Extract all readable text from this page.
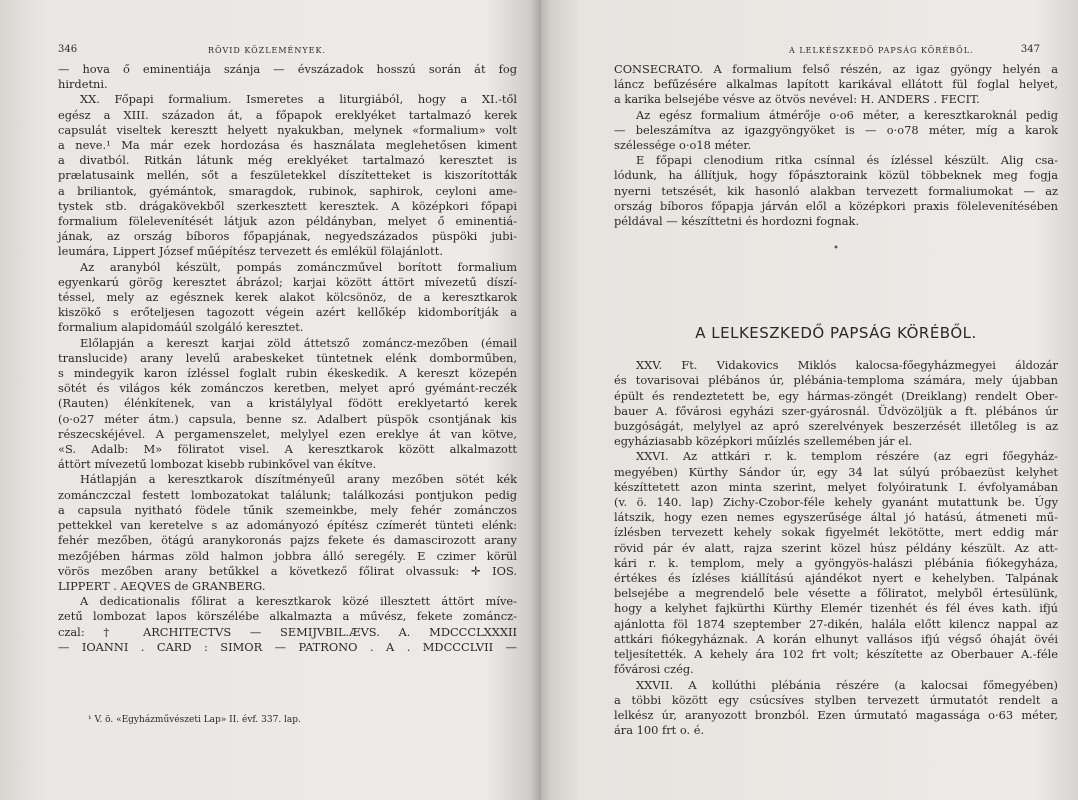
346	RÖVID KÖZLEMÉNYEK.
— hova ő eminentiája szánja — évszázadok hosszú során át fog
hirdetni.
XX. Főpapi formalium. Ismeretes a liturgiából, hogy a XI.-től
egész a XIII. századon át, a főpapok ereklyéket tartalmazó kerek
capsulát viseltek keresztt helyett nyakukban, melynek «formalium» volt
a neve.¹ Ma már ezek hordozása és használata meglehetősen kiment
a divatból. Ritkán látunk még ereklyéket tartalmazó keresztet is
prælatusaink mellén, sőt a feszületekkel díszítetteket is kiszorították
a briliantok, gyémántok, smaragdok, rubinok, saphirok, ceyloni ame-
tystek stb. drágakövekből szerkesztett keresztek. A középkori főpapi
formalium fölelevenítését látjuk azon példányban, melyet ő eminentiá-
jának, az ország bíboros főpapjának, negyedszázados püspöki jubi-
leumára, Lippert József műépítész tervezett és emlékül fölajánlott.
Az aranyból készült, pompás zománczművel borított formalium
egyenkarú görög keresztet ábrázol; karjai között áttört mívezetű díszí-
téssel, mely az egésznek kerek alakot kölcsönöz, de a keresztkarok
kiszökő s erőteljesen tagozott végein azért kellőkép kidomborítják a
formalium alapidomáúl szolgáló keresztet.
Előlapján a kereszt karjai zöld áttetsző zománcz-mezőben (émail
translucide) arany levelű arabeskeket tüntetnek elénk domborműben,
s mindegyik karon ízléssel foglalt rubin ékeskedik. A kereszt közepén
sötét és világos kék zománczos keretben, melyet apró gyémánt-reczék
(Rauten) élénkítenek, van a kristálylyal födött ereklyetartó kerek
(o·o27 méter átm.) capsula, benne sz. Adalbert püspök csontjának kis
részecskéjével. A pergamenszelet, melylyel ezen ereklye át van kötve,
«S. Adalb: M» föliratot visel. A keresztkarok között alkalmazott
áttört mívezetű lombozat kisebb rubinkővel van ékítve.
Hátlapján a keresztkarok díszítményeűl arany mezőben sötét kék
zománczczal festett lombozatokat találunk; találkozási pontjukon pedig
a capsula nyitható födele tűnik szemeinkbe, mely fehér zománczos
pettekkel van keretelve s az adományozó építész czímerét tünteti elénk:
fehér mezőben, ötágú aranykoronás pajzs fekete és damascirozott arany
mezőjében hármas zöld halmon jobbra álló seregély. E czimer körül
vörös mezőben arany betűkkel a következő főlirat olvassuk: ✛ IOS.
LIPPERT . AEQVES de GRANBERG.
A dedicationalis főlirat a keresztkarok közé illesztett áttört míve-
zetű lombozat lapos körszélébe alkalmazta a művész, fekete zománcz-
czal: † ARCHITECTVS — SEMIJVBIL.ÆVS. A. MDCCCLXXXII
— IOANNI . CARD : SIMOR — PATRONO . A . MDCCCLVII —
¹ V. ö. «Egyházművészeti Lap» II. évf. 337. lap.
A LELKÉSZKEDŐ PAPSÁG KÖRÉBŐL.	347
CONSECRATO. A formalium felső részén, az igaz gyöngy helyén a
láncz befűzésére alkalmas lapított karikával ellátott fül foglal helyet,
a karika belsejébe vésve az ötvös nevével: H. ANDERS . FECIT.
Az egész formalium átmérője o·o6 méter, a keresztkaroknál pedig
— beleszámítva az igazgyöngyöket is — o·o78 méter, míg a karok
szélessége o·o18 méter.
E főpapi clenodium ritka csínnal és ízléssel készült. Alig csa-
lódunk, ha állítjuk, hogy főpásztoraink közül többeknek meg fogja
nyerni tetszését, kik hasonló alakban tervezett formaliumokat — az
ország bíboros főpapja járván elől a középkori praxis fölelevenítésében
példával — készíttetni és hordozni fognak.
•
A LELKESZKEDŐ PAPSÁG KÖRÉBŐL.
XXV. Ft. Vidakovics Miklós kalocsa-főegyházmegyei áldozár
és tovarisovai plébános úr, plébánia-temploma számára, mely újabban
épült és rendeztetett be, egy hármas-zöngét (Dreiklang) rendelt Ober-
bauer A. fővárosi egyházi szer-gyárosnál. Üdvözöljük a ft. plébános úr
buzgóságát, melylyel az apró szerelvények beszerzését illetőleg is az
egyháziasabb középkori műízlés szellemében jár el.
XXVI. Az attkári r. k. templom részére (az egri főegyház-
megyében) Kürthy Sándor úr, egy 34 lat súlyú próbaezüst kelyhet
készíttetett azon minta szerint, melyet folyóiratunk I. évfolyamában
(v. ö. 140. lap) Zichy-Czobor-féle kehely gyanánt mutattunk be. Úgy
látszik, hogy ezen nemes egyszerűsége által jó hatású, átmeneti mű-
ízlésben tervezett kehely sokak figyelmét lekötötte, mert eddig már
rövid pár év alatt, rajza szerint közel húsz példány készült. Az att-
kári r. k. templom, mely a gyöngyös-halászi plébánia fiókegyháza,
értékes és ízléses kiállítású ajándékot nyert e kehelyben. Talpának
belsejébe a megrendelő bele vésette a főliratot, melyből értesülünk,
hogy a kelyhet fajkürthi Kürthy Elemér tizenhét és fél éves kath. ifjú
ajánlotta föl 1874 szeptember 27-dikén, halála előtt kilencz nappal az
attkári fiókegyháznak. A korán elhunyt vallásos ifjú végső óhaját övéi
teljesítették. A kehely ára 102 frt volt; készítette az Oberbauer A.-féle
fővárosi czég.
XXVII. A kollúthi plébánia részére (a kalocsai főmegyében)
a többi között egy csúcsíves stylben tervezett úrmutatót rendelt a
lelkész úr, aranyozott bronzból. Ezen úrmutató magassága o·63 méter,
ára 100 frt o. é.
